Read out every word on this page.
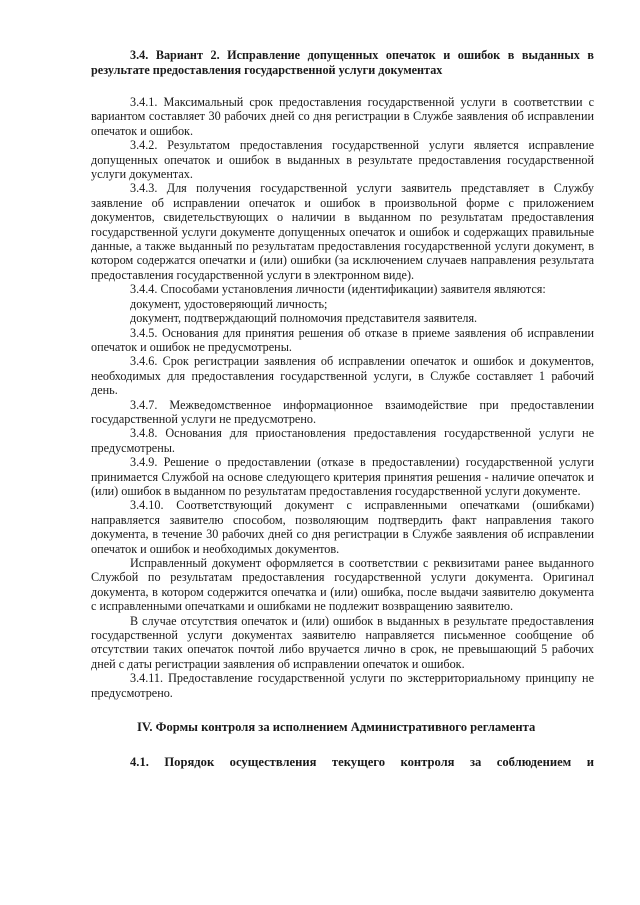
3.4. Вариант 2. Исправление допущенных опечаток и ошибок в выданных в результате предоставления государственной услуги документах

3.4.1. Максимальный срок предоставления государственной услуги в соответствии с вариантом составляет 30 рабочих дней со дня регистрации в Службе заявления об исправлении опечаток и ошибок.

3.4.2. Результатом предоставления государственной услуги является исправление допущенных опечаток и ошибок в выданных в результате предоставления государственной услуги документах.

3.4.3. Для получения государственной услуги заявитель представляет в Службу заявление об исправлении опечаток и ошибок в произвольной форме с приложением документов, свидетельствующих о наличии в выданном по результатам предоставления государственной услуги документе допущенных опечаток и ошибок и содержащих правильные данные, а также выданный по результатам предоставления государственной услуги документ, в котором содержатся опечатки и (или) ошибки (за исключением случаев направления результата предоставления государственной услуги в электронном виде).

3.4.4. Способами установления личности (идентификации) заявителя являются:

документ, удостоверяющий личность;

документ, подтверждающий полномочия представителя заявителя.

3.4.5. Основания для принятия решения об отказе в приеме заявления об исправлении опечаток и ошибок не предусмотрены.

3.4.6. Срок регистрации заявления об исправлении опечаток и ошибок и документов, необходимых для предоставления государственной услуги, в Службе составляет 1 рабочий день.

3.4.7. Межведомственное информационное взаимодействие при предоставлении государственной услуги не предусмотрено.

3.4.8. Основания для приостановления предоставления государственной услуги не предусмотрены.

3.4.9. Решение о предоставлении (отказе в предоставлении) государственной услуги принимается Службой на основе следующего критерия принятия решения - наличие опечаток и (или) ошибок в выданном по результатам предоставления государственной услуги документе.

3.4.10. Соответствующий документ с исправленными опечатками (ошибками) направляется заявителю способом, позволяющим подтвердить факт направления такого документа, в течение 30 рабочих дней со дня регистрации в Службе заявления об исправлении опечаток и ошибок и необходимых документов.

Исправленный документ оформляется в соответствии с реквизитами ранее выданного Службой по результатам предоставления государственной услуги документа. Оригинал документа, в котором содержится опечатка и (или) ошибка, после выдачи заявителю документа с исправленными опечатками и ошибками не подлежит возвращению заявителю.

В случае отсутствия опечаток и (или) ошибок в выданных в результате предоставления государственной услуги документах заявителю направляется письменное сообщение об отсутствии таких опечаток почтой либо вручается лично в срок, не превышающий 5 рабочих дней с даты регистрации заявления об исправлении опечаток и ошибок.

3.4.11. Предоставление государственной услуги по экстерриториальному принципу не предусмотрено.

IV. Формы контроля за исполнением Административного регламента

4.1. Порядок осуществления текущего контроля за соблюдением и
